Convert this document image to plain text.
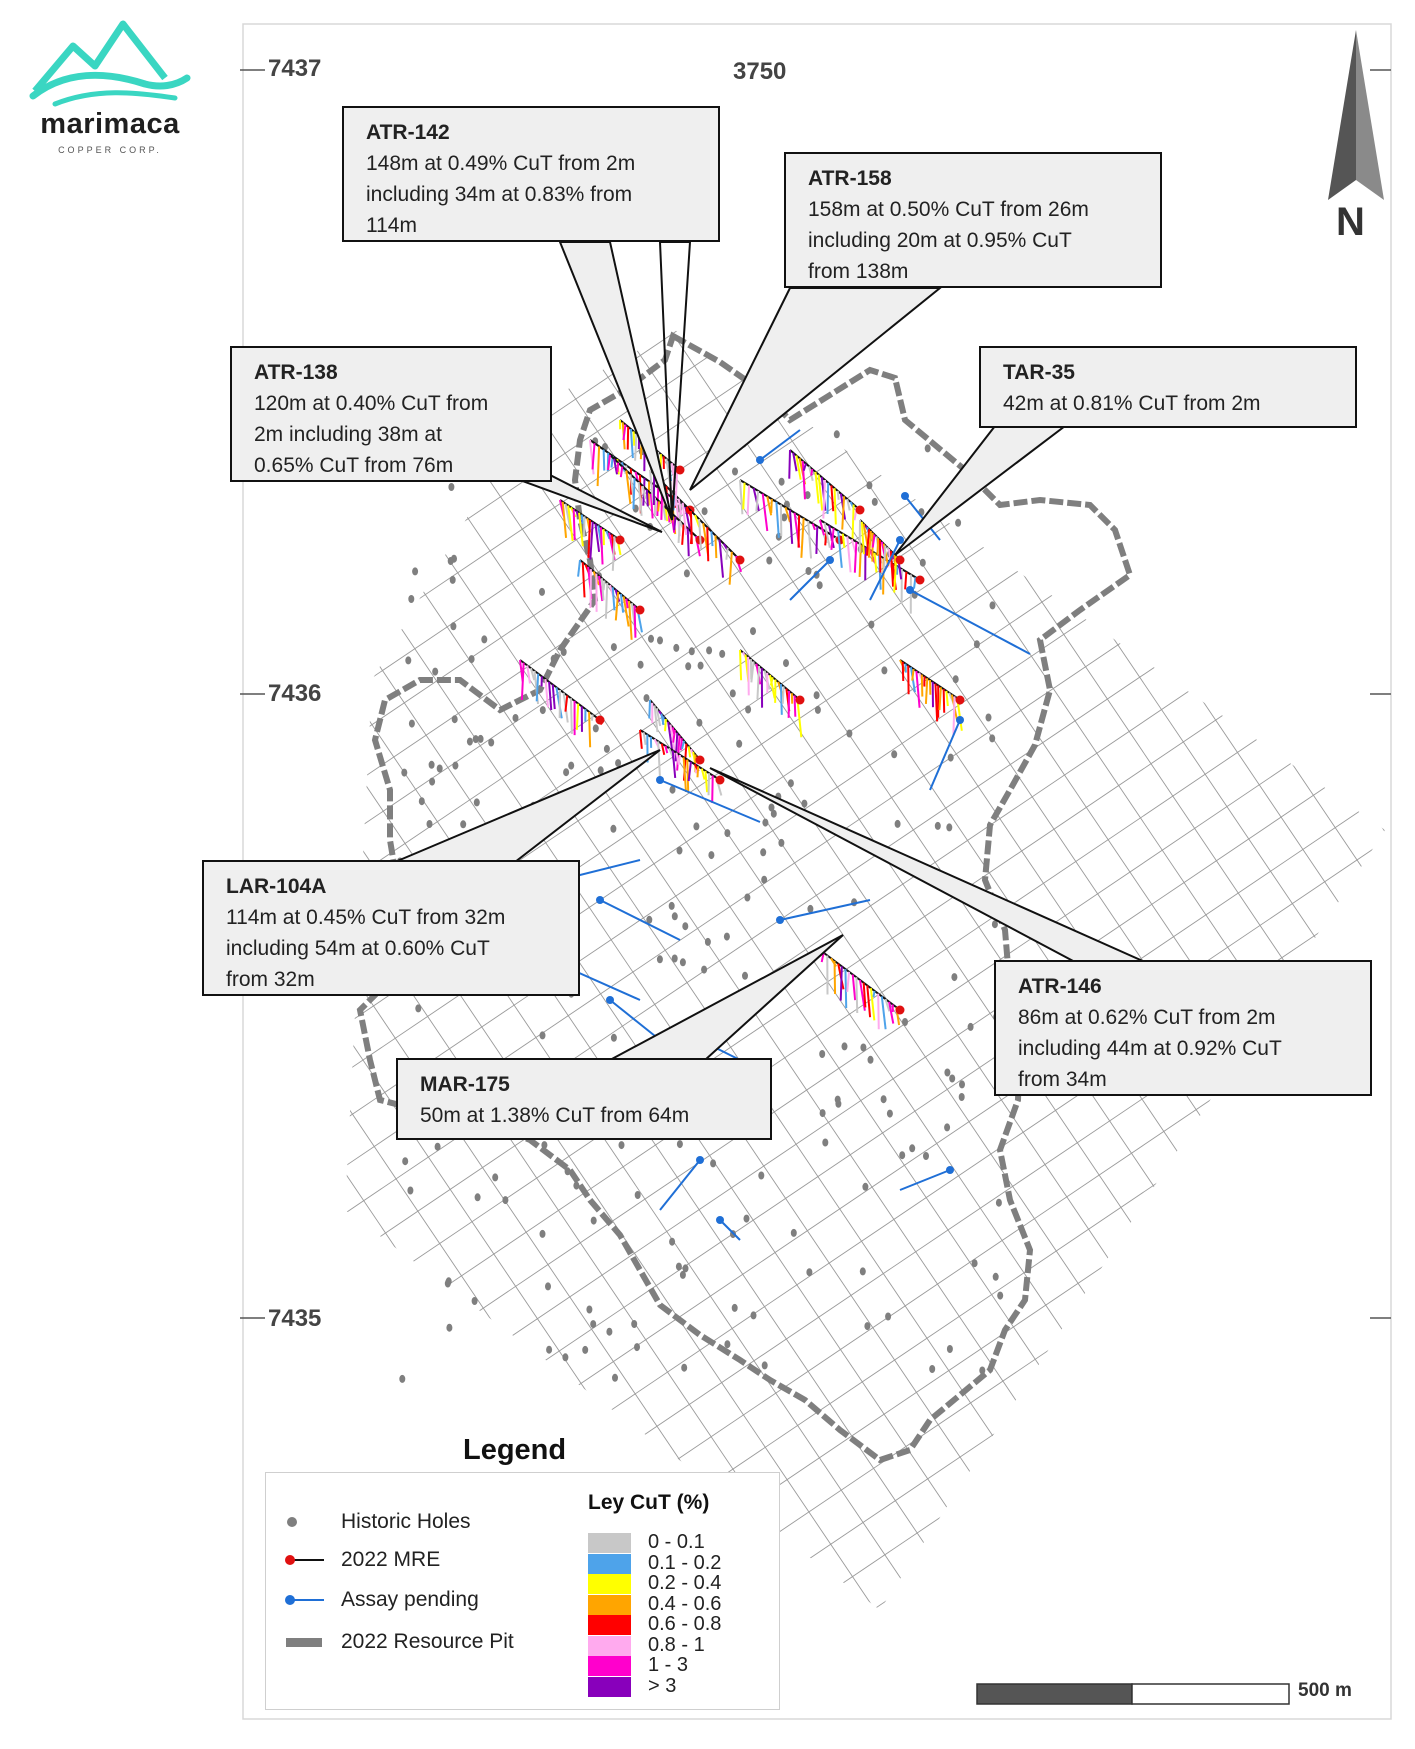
marimaca
COPPER CORP.
7437	3750
7436
7435
N
ATR-142
148m at 0.49% CuT from 2m
including 34m at 0.83% from
114m
ATR-158
158m at 0.50% CuT from 26m
including 20m at 0.95% CuT
from 138m
ATR-138
120m at 0.40% CuT from
2m including 38m at
0.65% CuT from 76m
TAR-35
42m at 0.81% CuT from 2m
LAR-104A
114m at 0.45% CuT from 32m
including 54m at 0.60% CuT
from 32m	ATR-146
86m at 0.62% CuT from 2m
including 44m at 0.92% CuT
from 34m
MAR-175
50m at 1.38% CuT from 64m
Legend
Historic Holes
2022 MRE
Assay pending
2022 Resource Pit
Ley CuT (%)
0 - 0.1
0.1 - 0.2
0.2 - 0.4
0.4 - 0.6
0.6 - 0.8
0.8 - 1
1 - 3
> 3	500 m
